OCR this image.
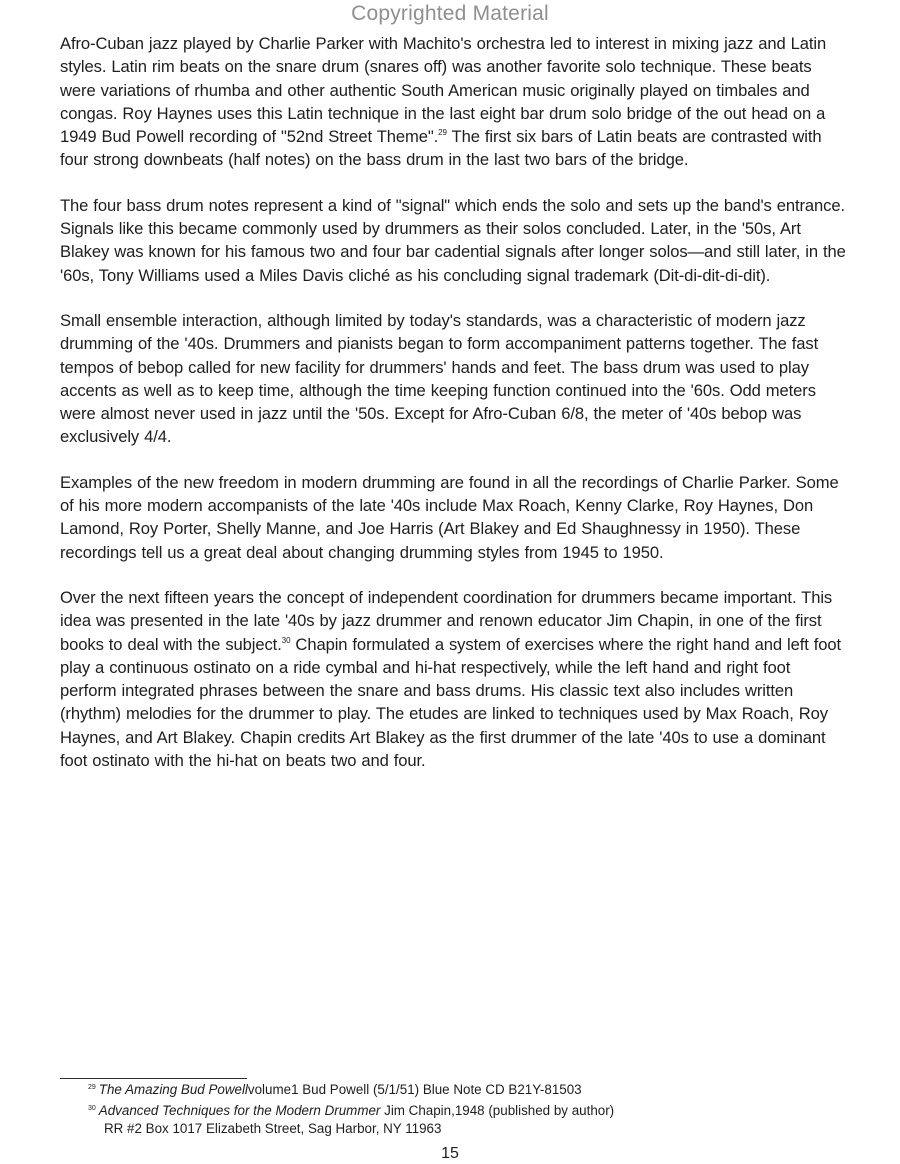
Copyrighted Material

Afro-Cuban jazz played by Charlie Parker with Machito's orchestra led to interest in mixing jazz and Latin styles. Latin rim beats on the snare drum (snares off) was another favorite solo technique. These beats were variations of rhumba and other authentic South American music originally played on timbales and congas. Roy Haynes uses this Latin technique in the last eight bar drum solo bridge of the out head on a 1949 Bud Powell recording of "52nd Street Theme".$^{29}$ The first six bars of Latin beats are contrasted with four strong downbeats (half notes) on the bass drum in the last two bars of the bridge.

The four bass drum notes represent a kind of "signal" which ends the solo and sets up the band's entrance. Signals like this became commonly used by drummers as their solos concluded. Later, in the '50s, Art Blakey was known for his famous two and four bar cadential signals after longer solos—and still later, in the '60s, Tony Williams used a Miles Davis cliché as his concluding signal trademark (Dit-di-dit-di-dit).

Small ensemble interaction, although limited by today's standards, was a characteristic of modern jazz drumming of the '40s. Drummers and pianists began to form accompaniment patterns together. The fast tempos of bebop called for new facility for drummers' hands and feet. The bass drum was used to play accents as well as to keep time, although the time keeping function continued into the '60s. Odd meters were almost never used in jazz until the '50s. Except for Afro-Cuban 6/8, the meter of '40s bebop was exclusively 4/4.

Examples of the new freedom in modern drumming are found in all the recordings of Charlie Parker. Some of his more modern accompanists of the late '40s include Max Roach, Kenny Clarke, Roy Haynes, Don Lamond, Roy Porter, Shelly Manne, and Joe Harris (Art Blakey and Ed Shaughnessy in 1950). These recordings tell us a great deal about changing drumming styles from 1945 to 1950.

Over the next fifteen years the concept of independent coordination for drummers became important. This idea was presented in the late '40s by jazz drummer and renown educator Jim Chapin, in one of the first books to deal with the subject.$^{30}$ Chapin formulated a system of exercises where the right hand and left foot play a continuous ostinato on a ride cymbal and hi-hat respectively, while the left hand and right foot perform integrated phrases between the snare and bass drums. His classic text also includes written (rhythm) melodies for the drummer to play. The etudes are linked to techniques used by Max Roach, Roy Haynes, and Art Blakey. Chapin credits Art Blakey as the first drummer of the late '40s to use a dominant foot ostinato with the hi-hat on beats two and four.

$^{29}$ The Amazing Bud Powellvolume1 Bud Powell (5/1/51) Blue Note CD B21Y-81503

$^{30}$ Advanced Techniques for the Modern Drummer Jim Chapin,1948 (published by author)

RR #2 Box 1017 Elizabeth Street, Sag Harbor, NY 11963

15
